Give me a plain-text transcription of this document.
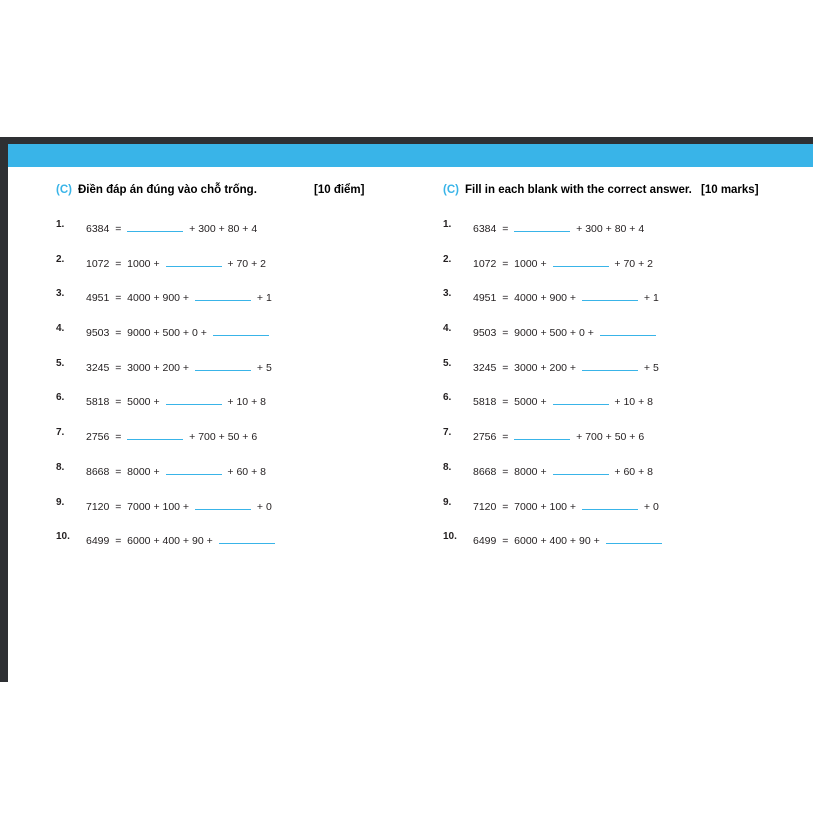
(C) Điền đáp án đúng vào chỗ trống.	[10 điểm]
1.	6384 =	+ 300 + 80 + 4
2.	1072 = 1000 +	+ 70 + 2
3.	4951 = 4000 + 900 +	+ 1
4.	9503 = 9000 + 500 + 0 +
5.	3245 = 3000 + 200 +	+ 5
6.	5818 = 5000 +	+ 10 + 8
7.	2756 =	+ 700 + 50 + 6
8.	8668 = 8000 +	+ 60 + 8
9.	7120 = 7000 + 100 +	+ 0
10.	6499 = 6000 + 400 + 90 +
(C) Fill in each blank with the correct answer. [10 marks]
1.	6384 =	+ 300 + 80 + 4
2.	1072 = 1000 +	+ 70 + 2
3.	4951 = 4000 + 900 +	+ 1
4.	9503 = 9000 + 500 + 0 +
5.	3245 = 3000 + 200 +	+ 5
6.	5818 = 5000 +	+ 10 + 8
7.	2756 =	+ 700 + 50 + 6
8.	8668 = 8000 +	+ 60 + 8
9.	7120 = 7000 + 100 +	+ 0
10.	6499 = 6000 + 400 + 90 +
